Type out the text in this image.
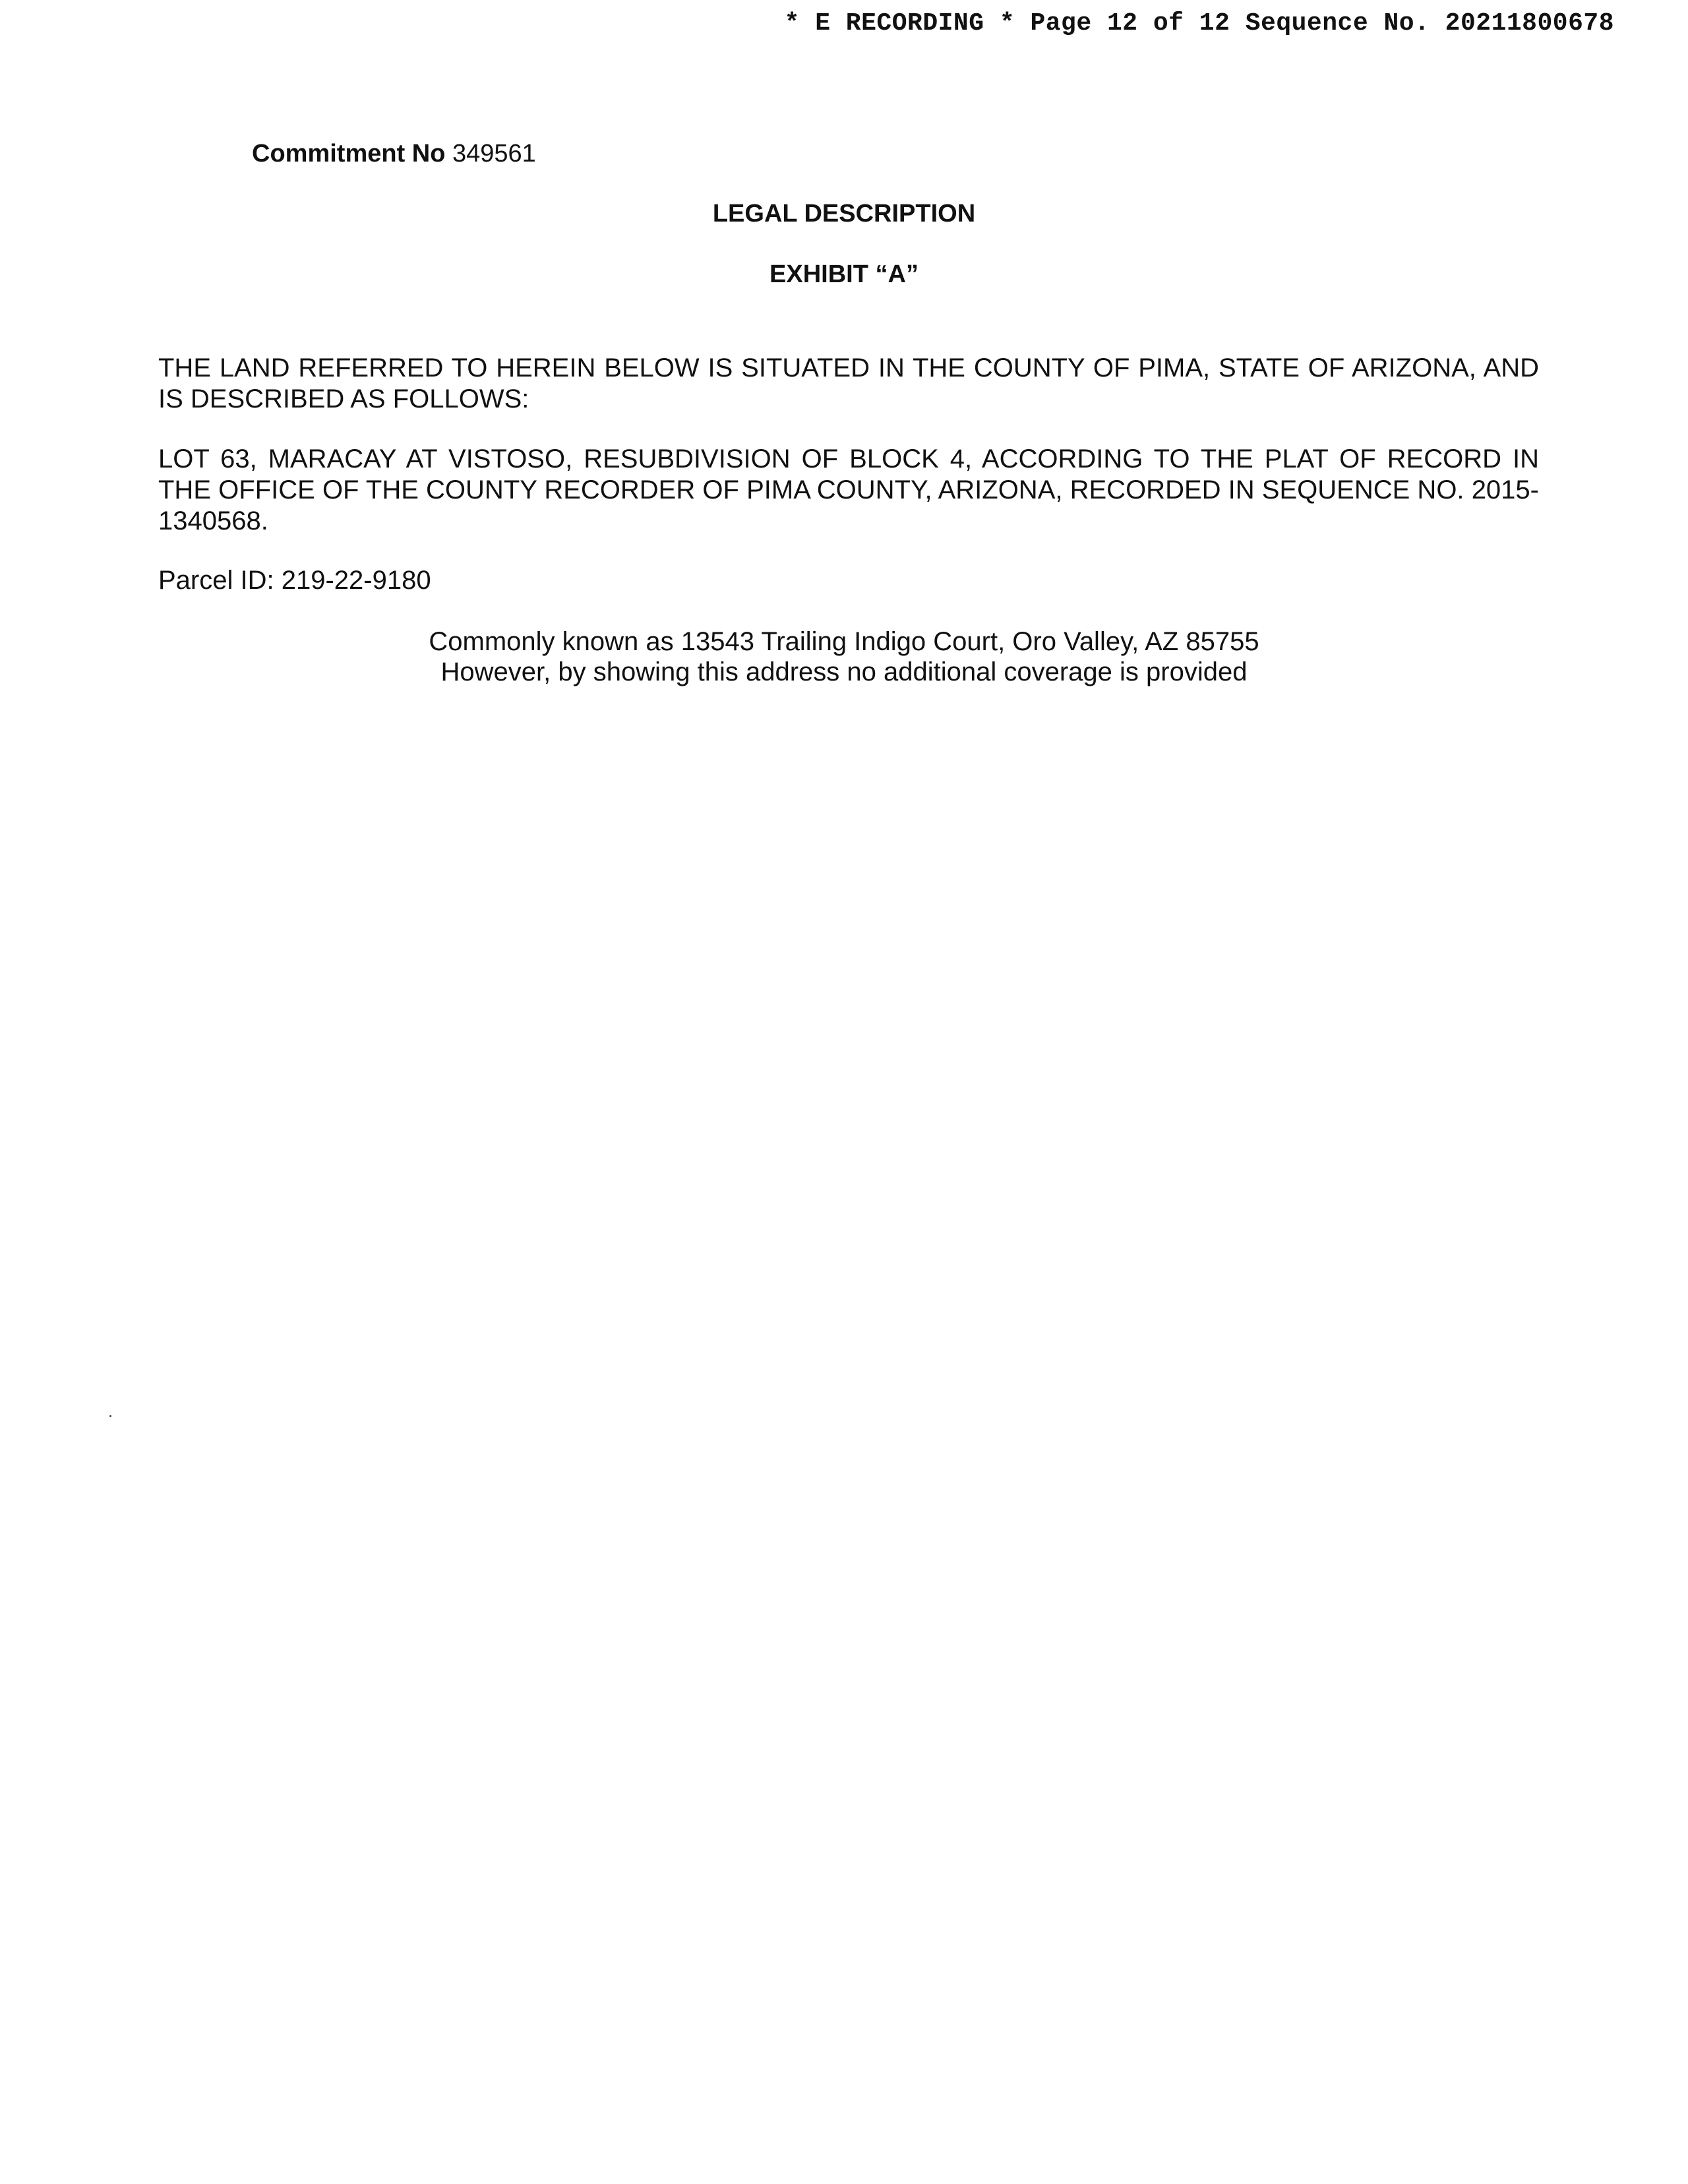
* E RECORDING * Page 12 of 12 Sequence No. 20211800678
Commitment No 349561
LEGAL DESCRIPTION
EXHIBIT “A”
THE LAND REFERRED TO HEREIN BELOW IS SITUATED IN THE COUNTY OF PIMA, STATE OF ARIZONA, AND IS DESCRIBED AS FOLLOWS:
LOT 63, MARACAY AT VISTOSO, RESUBDIVISION OF BLOCK 4, ACCORDING TO THE PLAT OF RECORD IN THE OFFICE OF THE COUNTY RECORDER OF PIMA COUNTY, ARIZONA, RECORDED IN SEQUENCE NO. 2015-1340568.
Parcel ID: 219-22-9180
Commonly known as 13543 Trailing Indigo Court, Oro Valley, AZ 85755
However, by showing this address no additional coverage is provided
